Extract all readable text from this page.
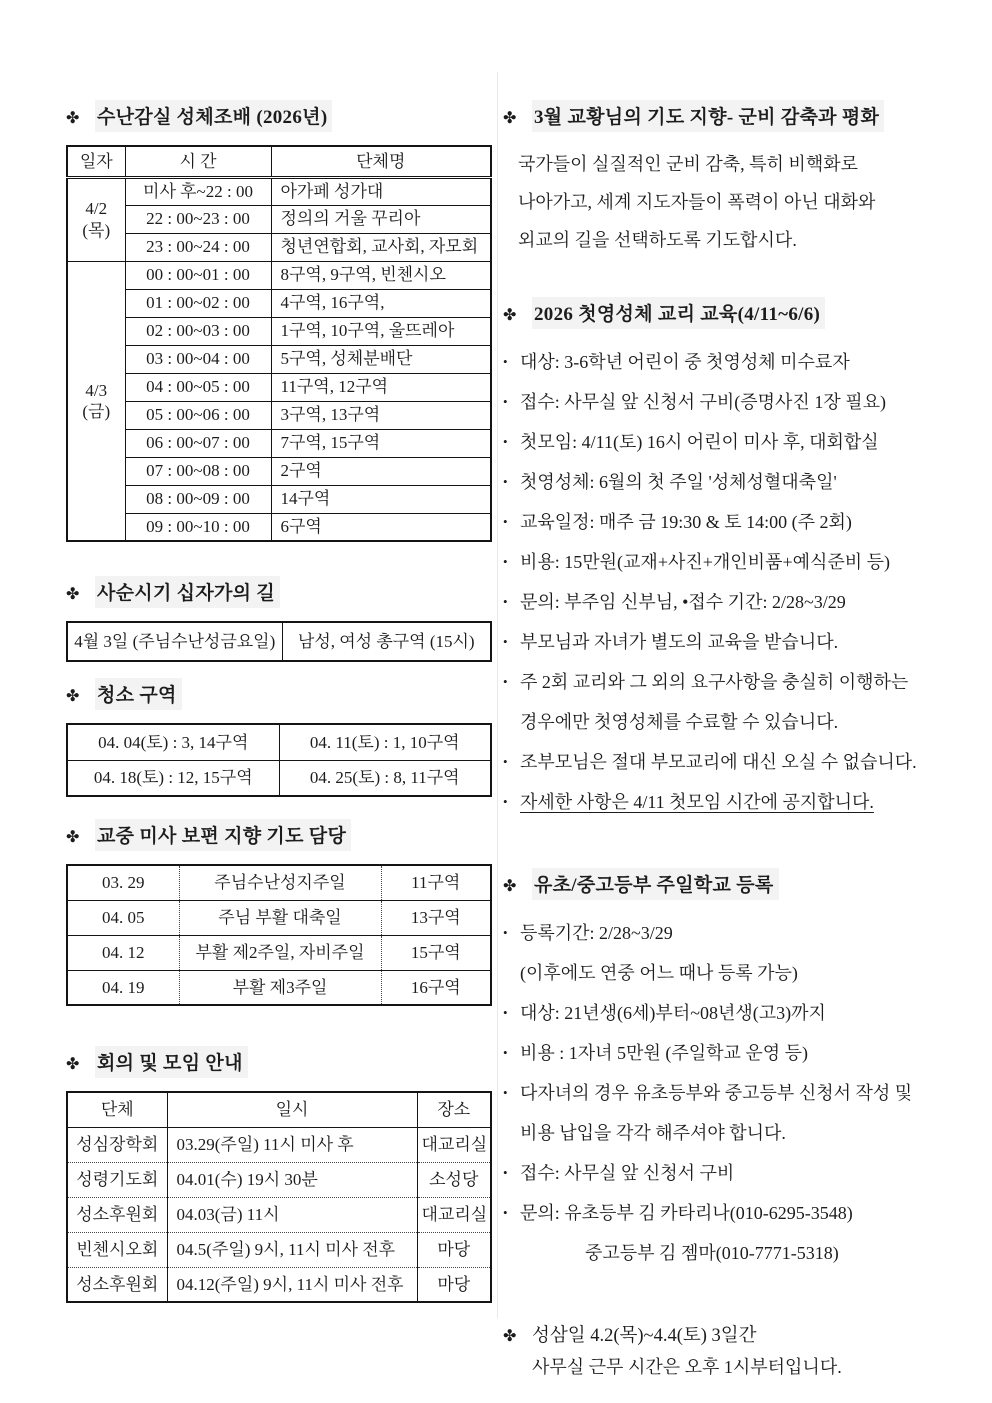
✤ 수난감실 성체조배 (2026년)
일자	시 간	단체명

4/2
(목)	미사 후~22 : 00	아가페 성가대
	22 : 00~23 : 00	정의의 거울 꾸리아
	23 : 00~24 : 00	청년연합회, 교사회, 자모회

4/3
(금)	00 : 00~01 : 00	8구역, 9구역, 빈첸시오
	01 : 00~02 : 00	4구역, 16구역,
	02 : 00~03 : 00	1구역, 10구역, 울뜨레아
	03 : 00~04 : 00	5구역, 성체분배단
	04 : 00~05 : 00	11구역, 12구역
	05 : 00~06 : 00	3구역, 13구역
	06 : 00~07 : 00	7구역, 15구역
	07 : 00~08 : 00	2구역
	08 : 00~09 : 00	14구역
	09 : 00~10 : 00	6구역
✤ 사순시기 십자가의 길
4월 3일 (주님수난성금요일)	남성, 여성 총구역 (15시)
✤ 청소 구역
04. 04(토) : 3, 14구역	04. 11(토) : 1, 10구역
04. 18(토) : 12, 15구역	04. 25(토) : 8, 11구역
✤ 교중 미사 보편 지향 기도 담당
03. 29	주님수난성지주일	11구역
04. 05	주님 부활 대축일	13구역
04. 12	부활 제2주일, 자비주일	15구역
04. 19	부활 제3주일	16구역
✤ 회의 및 모임 안내
단체	일시	장소
성심장학회	03.29(주일) 11시 미사 후	대교리실
성령기도회	04.01(수) 19시 30분	소성당
성소후원회	04.03(금) 11시	대교리실
빈첸시오회	04.5(주일) 9시, 11시 미사 전후	마당
성소후원회	04.12(주일) 9시, 11시 미사 전후	마당
✤ 3월 교황님의 기도 지향- 군비 감축과 평화
국가들이 실질적인 군비 감축, 특히 비핵화로
나아가고, 세계 지도자들이 폭력이 아닌 대화와
외교의 길을 선택하도록 기도합시다.
✤ 2026 첫영성체 교리 교육(4/11~6/6)
• 대상: 3-6학년 어린이 중 첫영성체 미수료자
• 접수: 사무실 앞 신청서 구비(증명사진 1장 필요)
• 첫모임: 4/11(토) 16시 어린이 미사 후, 대회합실
• 첫영성체: 6월의 첫 주일 '성체성혈대축일'
• 교육일정: 매주 금 19:30 & 토 14:00 (주 2회)
• 비용: 15만원(교재+사진+개인비품+예식준비 등)
• 문의: 부주임 신부님, •접수 기간: 2/28~3/29
• 부모님과 자녀가 별도의 교육을 받습니다.
• 주 2회 교리와 그 외의 요구사항을 충실히 이행하는
경우에만 첫영성체를 수료할 수 있습니다.
• 조부모님은 절대 부모교리에 대신 오실 수 없습니다.
• 자세한 사항은 4/11 첫모임 시간에 공지합니다.
✤ 유초/중고등부 주일학교 등록
• 등록기간: 2/28~3/29
(이후에도 연중 어느 때나 등록 가능)
• 대상: 21년생(6세)부터~08년생(고3)까지
• 비용 : 1자녀 5만원 (주일학교 운영 등)
• 다자녀의 경우 유초등부와 중고등부 신청서 작성 및
비용 납입을 각각 해주셔야 합니다.
• 접수: 사무실 앞 신청서 구비
• 문의: 유초등부 김 카타리나(010-6295-3548)
중고등부 김 젬마(010-7771-5318)
✤ 성삼일 4.2(목)~4.4(토) 3일간
사무실 근무 시간은 오후 1시부터입니다.
